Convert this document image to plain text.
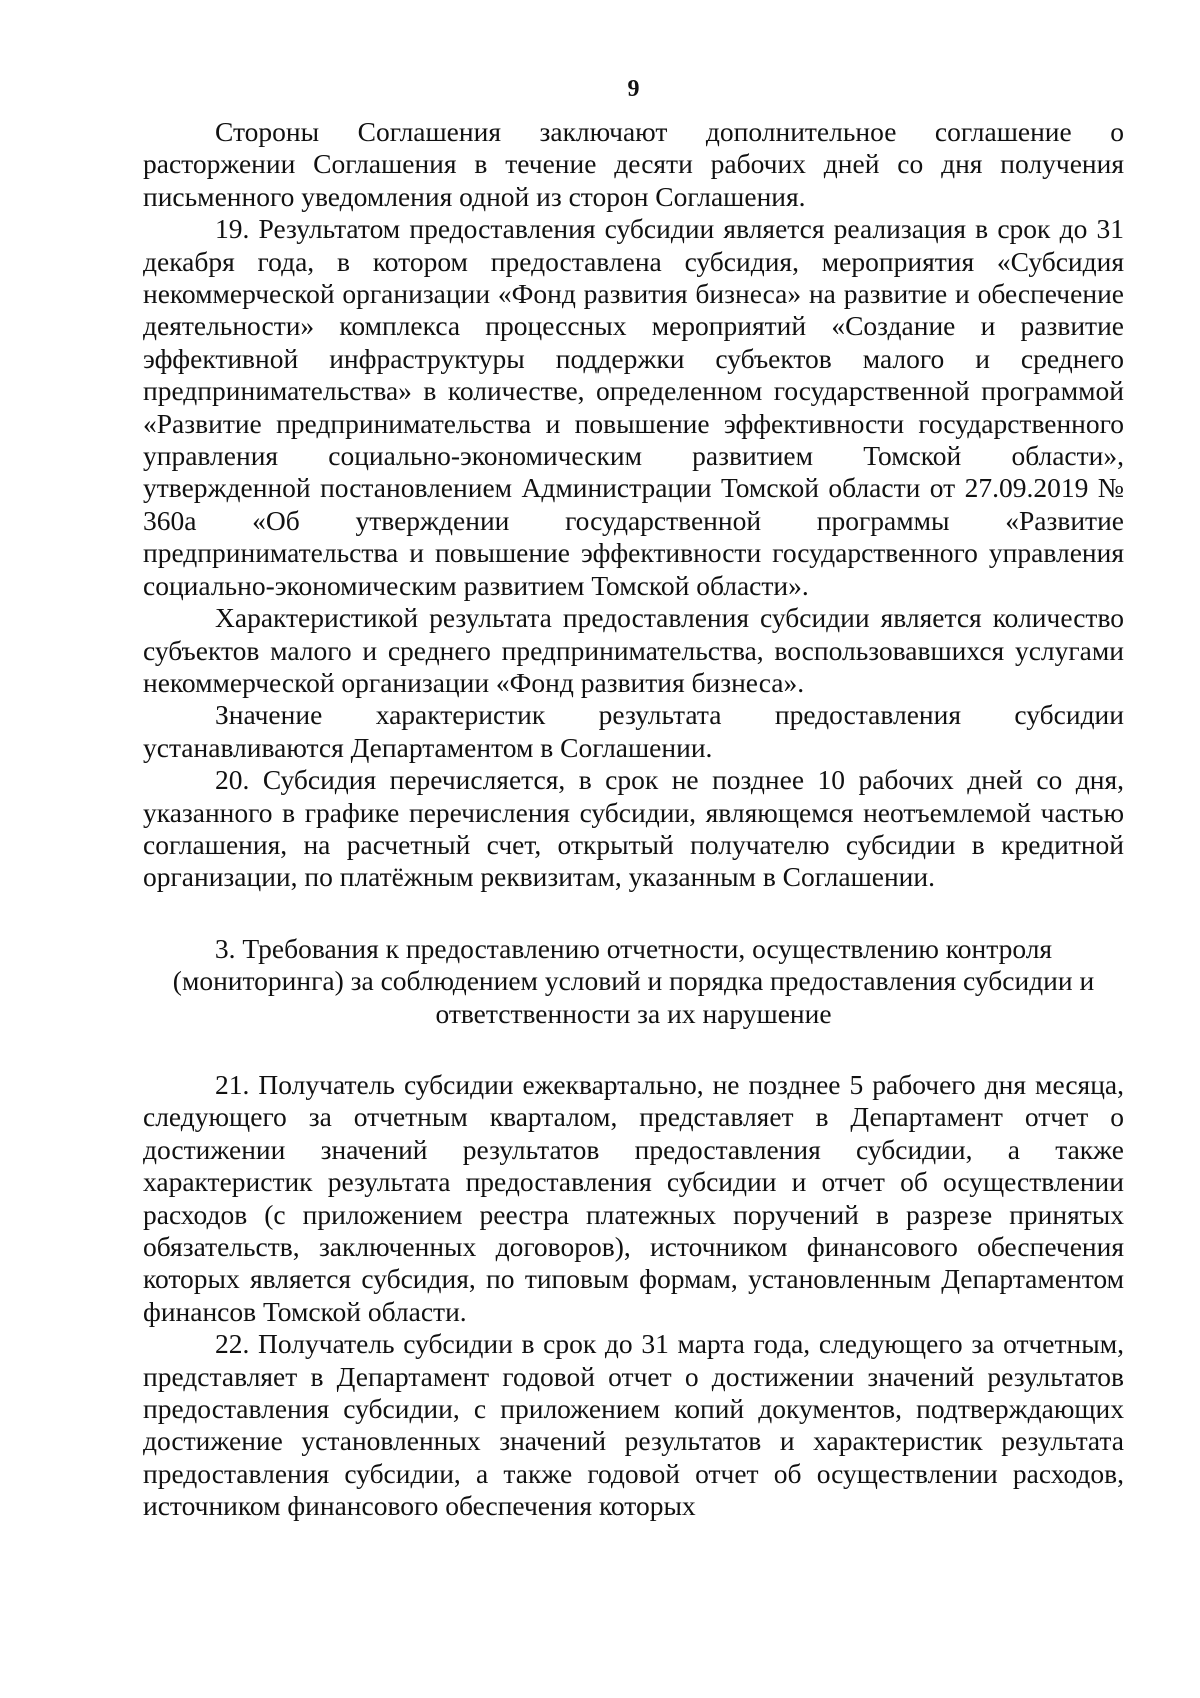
9

Стороны Соглашения заключают дополнительное соглашение о расторжении Соглашения в течение десяти рабочих дней со дня получения письменного уведомления одной из сторон Соглашения.

19. Результатом предоставления субсидии является реализация в срок до 31 декабря года, в котором предоставлена субсидия, мероприятия «Субсидия некоммерческой организации «Фонд развития бизнеса» на развитие и обеспечение деятельности» комплекса процессных мероприятий «Создание и развитие эффективной инфраструктуры поддержки субъектов малого и среднего предпринимательства» в количестве, определенном государственной программой «Развитие предпринимательства и повышение эффективности государственного управления социально-экономическим развитием Томской области», утвержденной постановлением Администрации Томской области от 27.09.2019 № 360а «Об утверждении государственной программы «Развитие предпринимательства и повышение эффективности государственного управления социально-экономическим развитием Томской области».

Характеристикой результата предоставления субсидии является количество субъектов малого и среднего предпринимательства, воспользовавшихся услугами некоммерческой организации «Фонд развития бизнеса».

Значение характеристик результата предоставления субсидии устанавливаются Департаментом в Соглашении.

20. Субсидия перечисляется, в срок не позднее 10 рабочих дней со дня, указанного в графике перечисления субсидии, являющемся неотъемлемой частью соглашения, на расчетный счет, открытый получателю субсидии в кредитной организации, по платёжным реквизитам, указанным в Соглашении.

3. Требования к предоставлению отчетности, осуществлению контроля
(мониторинга) за соблюдением условий и порядка предоставления субсидии и
ответственности за их нарушение

21. Получатель субсидии ежеквартально, не позднее 5 рабочего дня месяца, следующего за отчетным кварталом, представляет в Департамент отчет о достижении значений результатов предоставления субсидии, а также характеристик результата предоставления субсидии и отчет об осуществлении расходов (с приложением реестра платежных поручений в разрезе принятых обязательств, заключенных договоров), источником финансового обеспечения которых является субсидия, по типовым формам, установленным Департаментом финансов Томской области.

22. Получатель субсидии в срок до 31 марта года, следующего за отчетным, представляет в Департамент годовой отчет о достижении значений результатов предоставления субсидии, с приложением копий документов, подтверждающих достижение установленных значений результатов и характеристик результата предоставления субсидии, а также годовой отчет об осуществлении расходов, источником финансового обеспечения которых
